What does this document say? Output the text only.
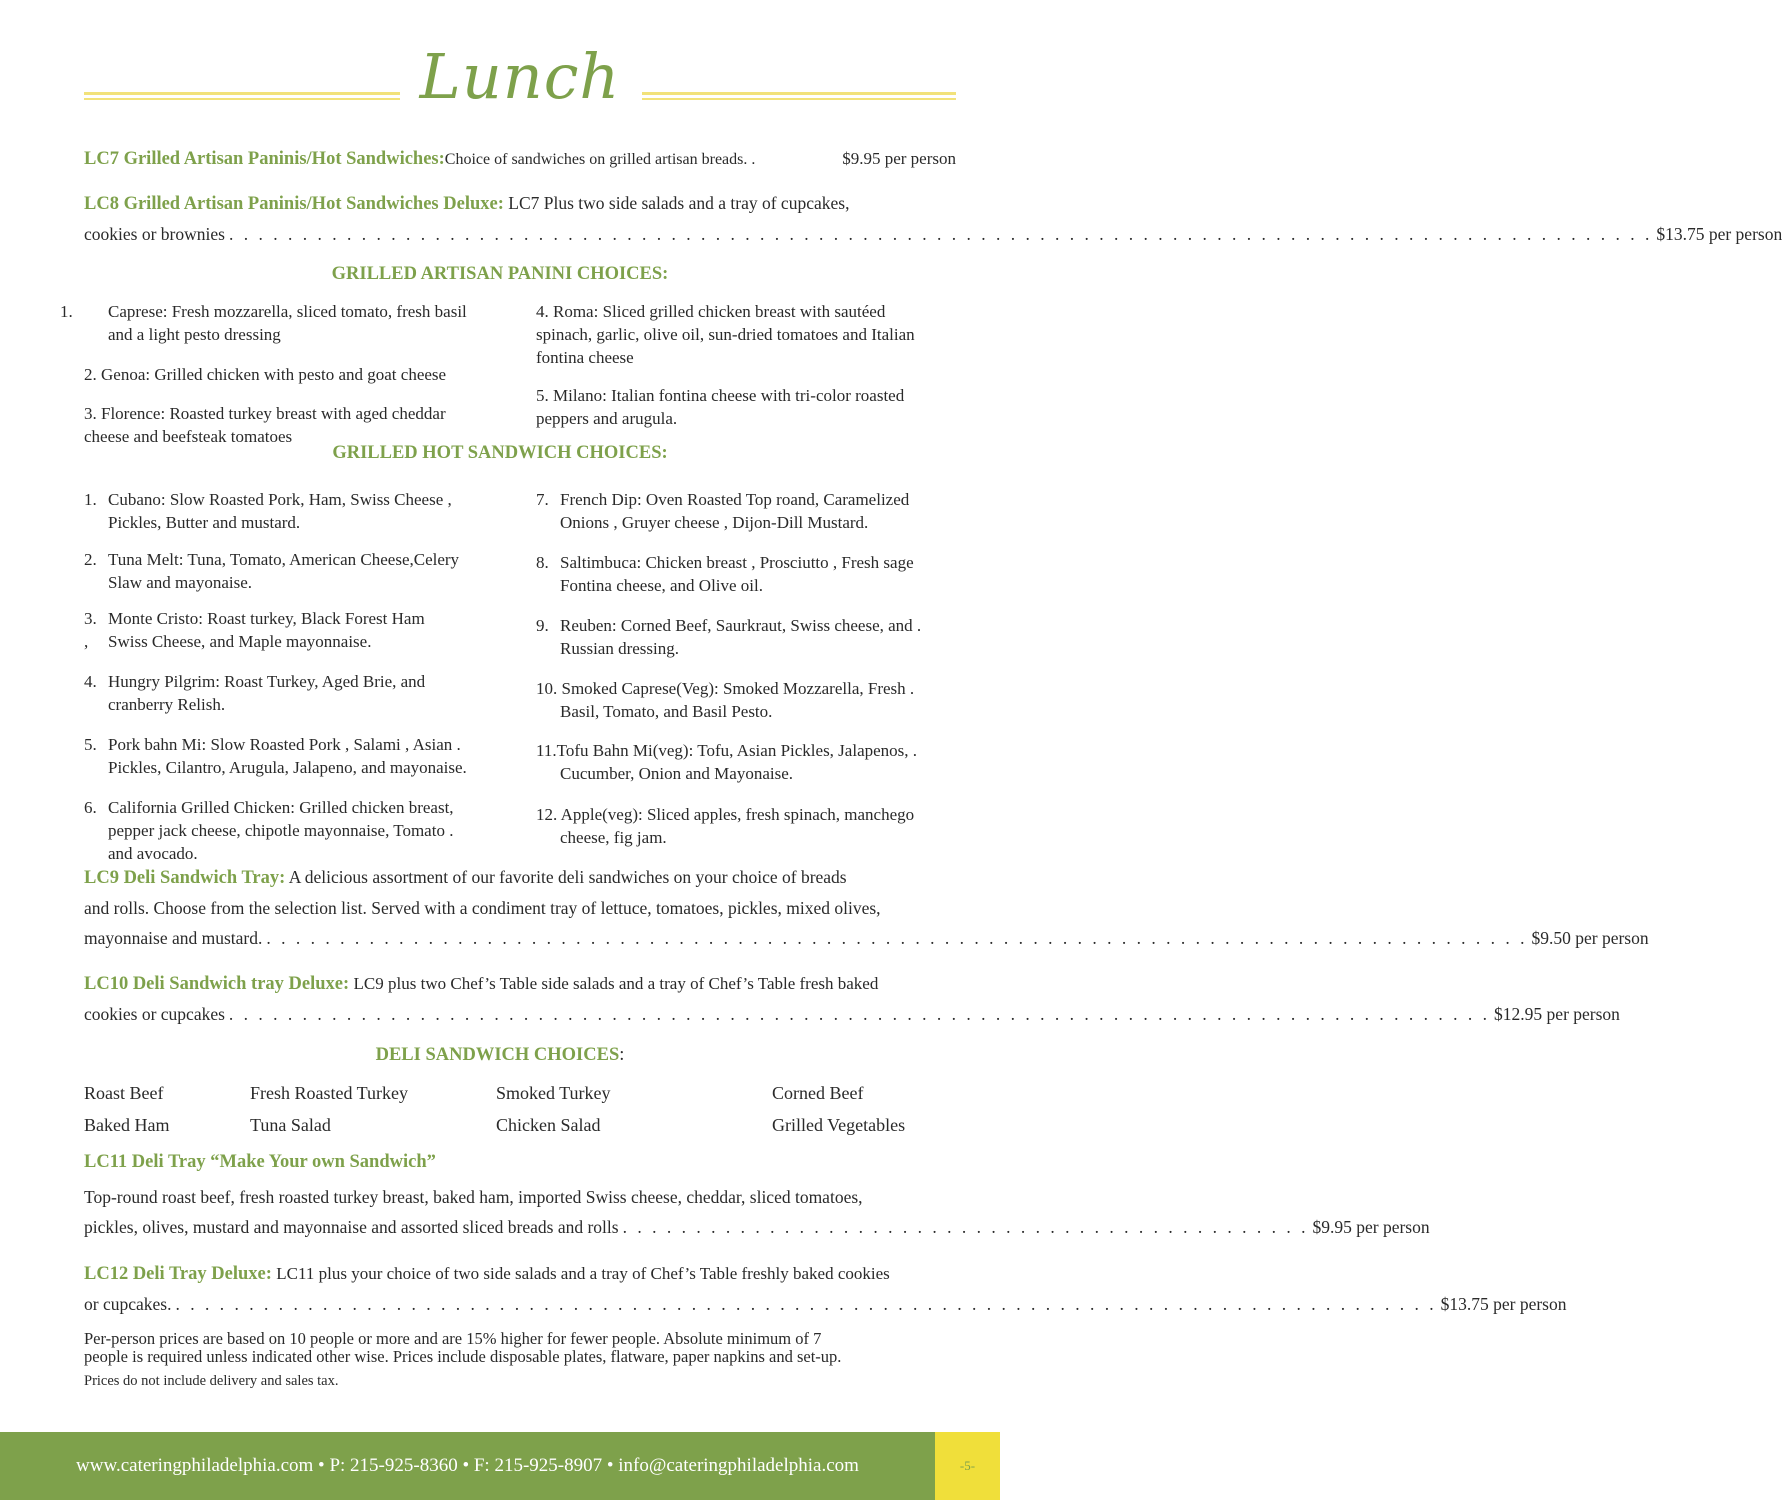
Lunch
LC7 Grilled Artisan Paninis/Hot Sandwiches: Choice of sandwiches on grilled artisan breads. .	$9.95 per person
LC8 Grilled Artisan Paninis/Hot Sandwiches Deluxe: LC7 Plus two side salads and a tray of cupcakes,
cookies or brownies . . . . . . . . . . . . . . . . . . . . . . . . . . . . . . . . . . . . . . . . . . . . . . . . . . . . . . . . . . . . . . . . . . . . . . . . . . . . . . . . . . . . . . . . . . . . . . . . . $13.75 per person
GRILLED ARTISAN PANINI CHOICES:
1. Caprese: Fresh mozzarella, sliced tomato, fresh basil
and a light pesto dressing
2. Genoa: Grilled chicken with pesto and goat cheese
3. Florence: Roasted turkey breast with aged cheddar
cheese and beefsteak tomatoes
4. Roma: Sliced grilled chicken breast with sautéed
spinach, garlic, olive oil, sun-dried tomatoes and Italian
fontina cheese
5. Milano: Italian fontina cheese with tri-color roasted
peppers and arugula.
GRILLED HOT SANDWICH CHOICES:
1. Cubano: Slow Roasted Pork, Ham, Swiss Cheese ,
Pickles, Butter and mustard.
2. Tuna Melt: Tuna, Tomato, American Cheese,Celery
Slaw and mayonaise.
3. Monte Cristo: Roast turkey, Black Forest Ham
, Swiss Cheese, and Maple mayonnaise.
4. Hungry Pilgrim: Roast Turkey, Aged Brie, and
cranberry Relish.
5. Pork bahn Mi: Slow Roasted Pork , Salami , Asian .
Pickles, Cilantro, Arugula, Jalapeno, and mayonaise.
6. California Grilled Chicken: Grilled chicken breast,
pepper jack cheese, chipotle mayonnaise, Tomato .
and avocado.
7. French Dip: Oven Roasted Top roand, Caramelized
Onions , Gruyer cheese , Dijon-Dill Mustard.
8. Saltimbuca: Chicken breast , Prosciutto , Fresh sage
Fontina cheese, and Olive oil.
9. Reuben: Corned Beef, Saurkraut, Swiss cheese, and .
Russian dressing.
10. Smoked Caprese(Veg): Smoked Mozzarella, Fresh .
Basil, Tomato, and Basil Pesto.
11.Tofu Bahn Mi(veg): Tofu, Asian Pickles, Jalapenos, .
Cucumber, Onion and Mayonaise.
12. Apple(veg): Sliced apples, fresh spinach, manchego
cheese, fig jam.
LC9 Deli Sandwich Tray: A delicious assortment of our favorite deli sandwiches on your choice of breads
and rolls. Choose from the selection list. Served with a condiment tray of lettuce, tomatoes, pickles, mixed olives,
mayonnaise and mustard. . . . . . . . . . . . . . . . . . . . . . . . . . . . . . . . . . . . . . . . . . . . . . . . . . . . . . . . . . . . . . . . . . . . . . . . . . . . . . . . . . . . . . . $9.50 per person
LC10 Deli Sandwich tray Deluxe: LC9 plus two Chef’s Table side salads and a tray of Chef’s Table fresh baked
cookies or cupcakes . . . . . . . . . . . . . . . . . . . . . . . . . . . . . . . . . . . . . . . . . . . . . . . . . . . . . . . . . . . . . . . . . . . . . . . . . . . . . . . . . . . . . . $12.95 per person
DELI SANDWICH CHOICES:
Roast Beef	Fresh Roasted Turkey	Smoked Turkey	Corned Beef
Baked Ham	Tuna Salad	Chicken Salad	Grilled Vegetables
LC11 Deli Tray “Make Your own Sandwich”
Top-round roast beef, fresh roasted turkey breast, baked ham, imported Swiss cheese, cheddar, sliced tomatoes,
pickles, olives, mustard and mayonnaise and assorted sliced breads and rolls . . . . . . . . . . . . . . . . . . . . . . . . . . . . . . . . . . . . . . . . . . . . . . . $9.95 per person
LC12 Deli Tray Deluxe: LC11 plus your choice of two side salads and a tray of Chef’s Table freshly baked cookies
or cupcakes. . . . . . . . . . . . . . . . . . . . . . . . . . . . . . . . . . . . . . . . . . . . . . . . . . . . . . . . . . . . . . . . . . . . . . . . . . . . . . . . . . . . . . . $13.75 per person
Per-person prices are based on 10 people or more and are 15% higher for fewer people. Absolute minimum of 7
people is required unless indicated other wise. Prices include disposable plates, flatware, paper napkins and set-up.
Prices do not include delivery and sales tax.
www.cateringphiladelphia.com • P: 215-925-8360 • F: 215-925-8907 • info@cateringphiladelphia.com	-5-
